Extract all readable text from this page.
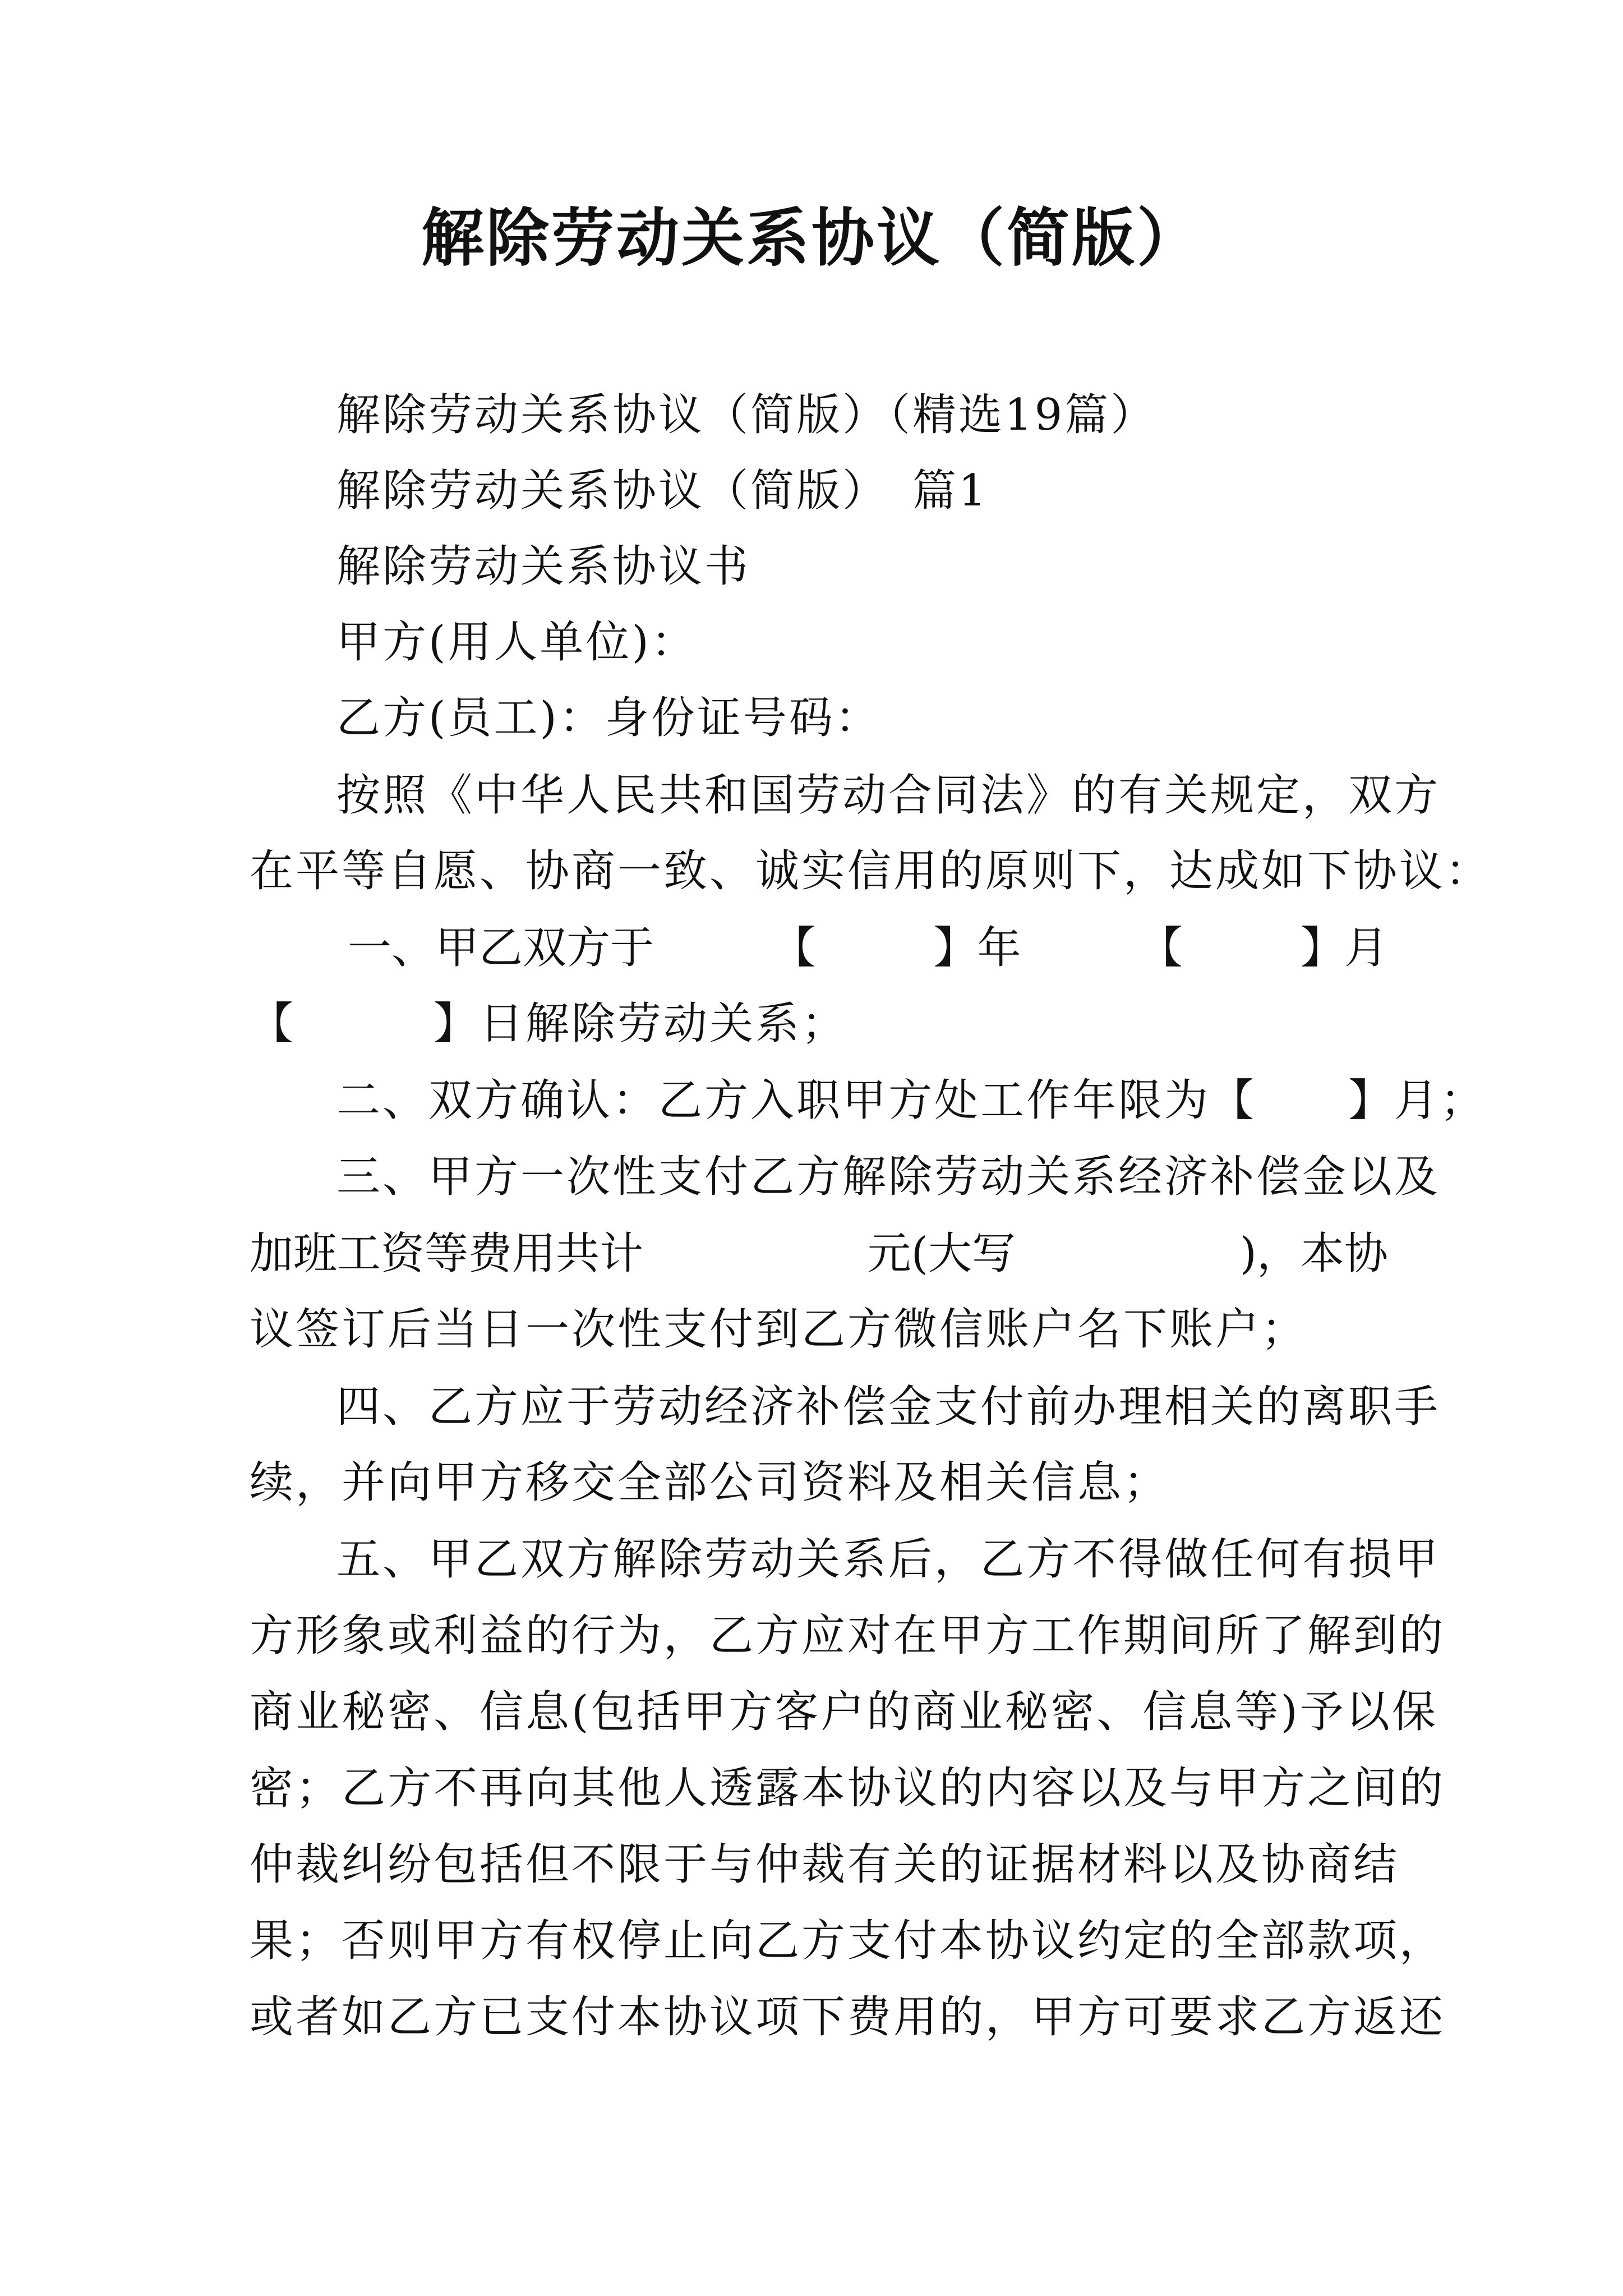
解除劳动关系协议（简版）
解除劳动关系协议（简版）（精选19篇）
解除劳动关系协议（简版）　篇1
解除劳动关系协议书
甲方(用人单位)：
乙方(员工)：身份证号码：
按照《中华人民共和国劳动合同法》的有关规定，双方
在平等自愿、协商一致、诚实信用的原则下，达成如下协议：
一、甲乙双方于	【	】年	【	】月
【　　　】日解除劳动关系；
二、双方确认：乙方入职甲方处工作年限为【　　】月；
三、甲方一次性支付乙方解除劳动关系经济补偿金以及
加班工资等费用共计	元(大写	)，本协
议签订后当日一次性支付到乙方微信账户名下账户；
四、乙方应于劳动经济补偿金支付前办理相关的离职手
续，并向甲方移交全部公司资料及相关信息；
五、甲乙双方解除劳动关系后，乙方不得做任何有损甲
方形象或利益的行为，乙方应对在甲方工作期间所了解到的
商业秘密、信息(包括甲方客户的商业秘密、信息等)予以保
密；乙方不再向其他人透露本协议的内容以及与甲方之间的
仲裁纠纷包括但不限于与仲裁有关的证据材料以及协商结
果；否则甲方有权停止向乙方支付本协议约定的全部款项，
或者如乙方已支付本协议项下费用的，甲方可要求乙方返还
